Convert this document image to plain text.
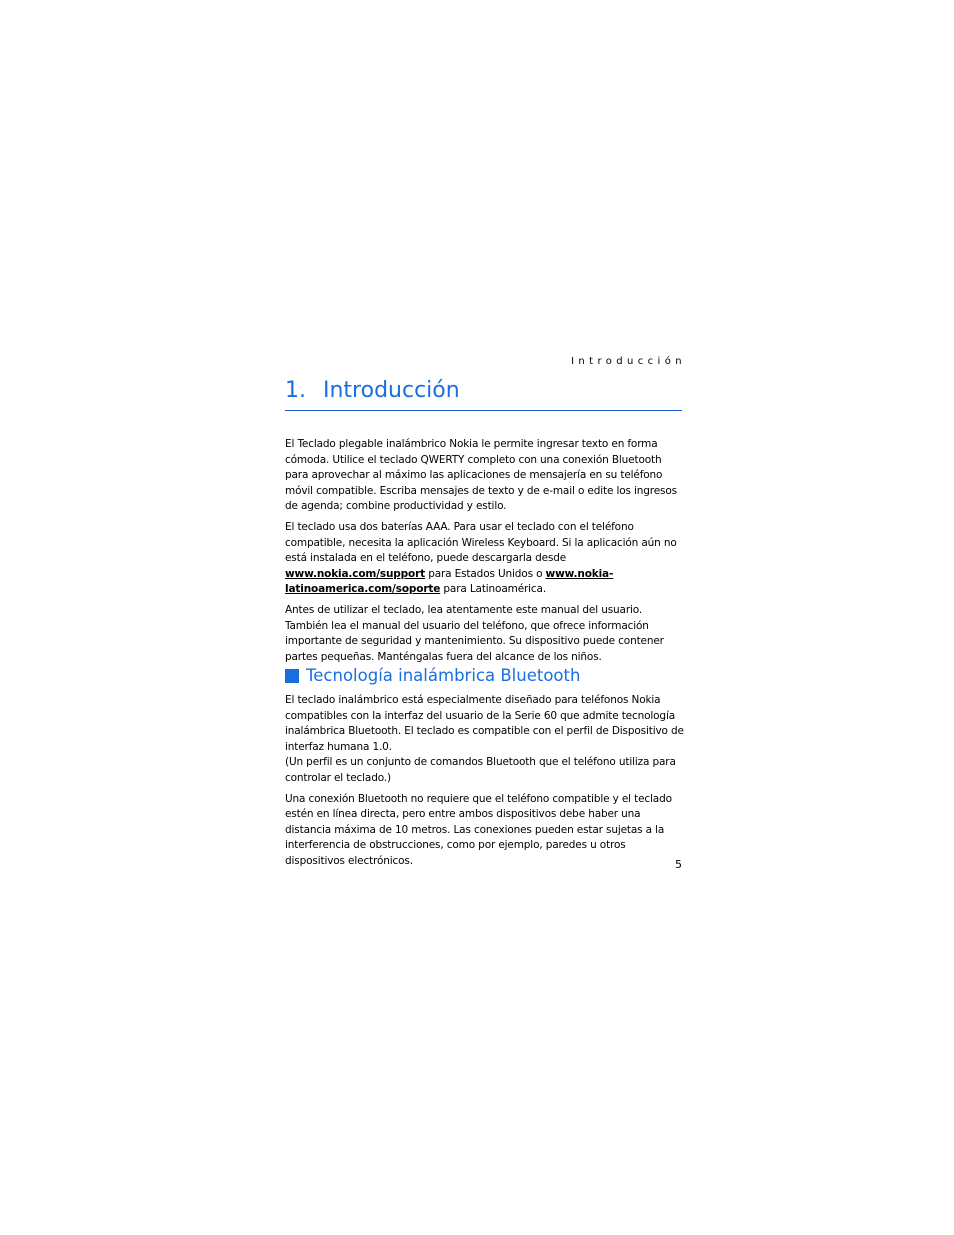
Introducción
1. Introducción

El Teclado plegable inalámbrico Nokia le permite ingresar texto en forma cómoda. Utilice el teclado QWERTY completo con una conexión Bluetooth para aprovechar al máximo las aplicaciones de mensajería en su teléfono móvil compatible. Escriba mensajes de texto y de e-mail o edite los ingresos de agenda; combine productividad y estilo.

El teclado usa dos baterías AAA. Para usar el teclado con el teléfono compatible, necesita la aplicación Wireless Keyboard. Si la aplicación aún no está instalada en el teléfono, puede descargarla desde www.nokia.com/support para Estados Unidos o www.nokia-latinoamerica.com/soporte para Latinoamérica.

Antes de utilizar el teclado, lea atentamente este manual del usuario. También lea el manual del usuario del teléfono, que ofrece información importante de seguridad y mantenimiento. Su dispositivo puede contener partes pequeñas. Manténgalas fuera del alcance de los niños.

Tecnología inalámbrica Bluetooth

El teclado inalámbrico está especialmente diseñado para teléfonos Nokia compatibles con la interfaz del usuario de la Serie 60 que admite tecnología inalámbrica Bluetooth. El teclado es compatible con el perfil de Dispositivo de interfaz humana 1.0.

(Un perfil es un conjunto de comandos Bluetooth que el teléfono utiliza para controlar el teclado.)

Una conexión Bluetooth no requiere que el teléfono compatible y el teclado estén en línea directa, pero entre ambos dispositivos debe haber una distancia máxima de 10 metros. Las conexiones pueden estar sujetas a la interferencia de obstrucciones, como por ejemplo, paredes u otros dispositivos electrónicos.	5
